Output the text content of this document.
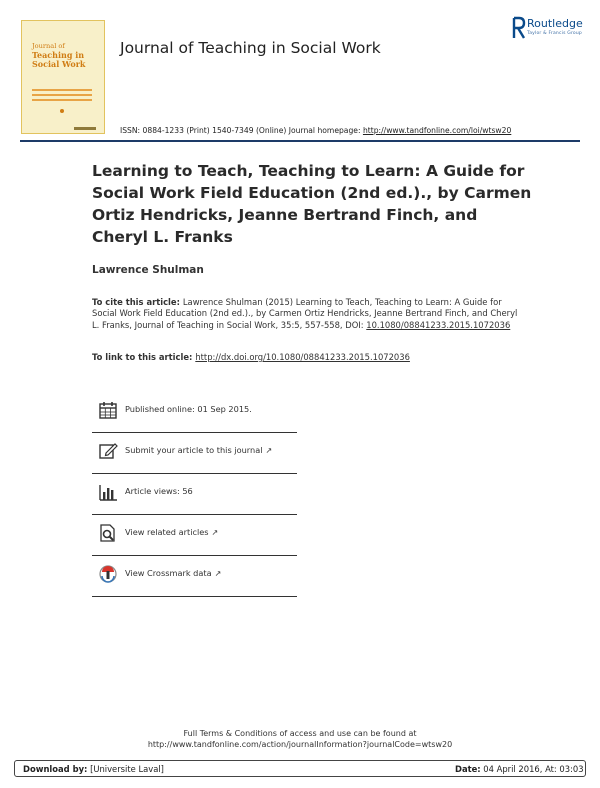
Journal of
Teaching in
Social Work
Journal of Teaching in Social Work
Routledge
Taylor & Francis Group
ISSN: 0884-1233 (Print) 1540-7349 (Online) Journal homepage: http://www.tandfonline.com/loi/wtsw20
Learning to Teach, Teaching to Learn: A Guide for Social Work Field Education (2nd ed.)., by Carmen Ortiz Hendricks, Jeanne Bertrand Finch, and Cheryl L. Franks
Lawrence Shulman
To cite this article: Lawrence Shulman (2015) Learning to Teach, Teaching to Learn: A Guide for Social Work Field Education (2nd ed.)., by Carmen Ortiz Hendricks, Jeanne Bertrand Finch, and Cheryl L. Franks, Journal of Teaching in Social Work, 35:5, 557-558, DOI: 10.1080/08841233.2015.1072036
To link to this article: http://dx.doi.org/10.1080/08841233.2015.1072036
Published online: 01 Sep 2015.
Submit your article to this journal ↗
Article views: 56
View related articles ↗
View Crossmark data ↗
Full Terms & Conditions of access and use can be found at
http://www.tandfonline.com/action/journalInformation?journalCode=wtsw20
Download by: [Universite Laval]	Date: 04 April 2016, At: 03:03
